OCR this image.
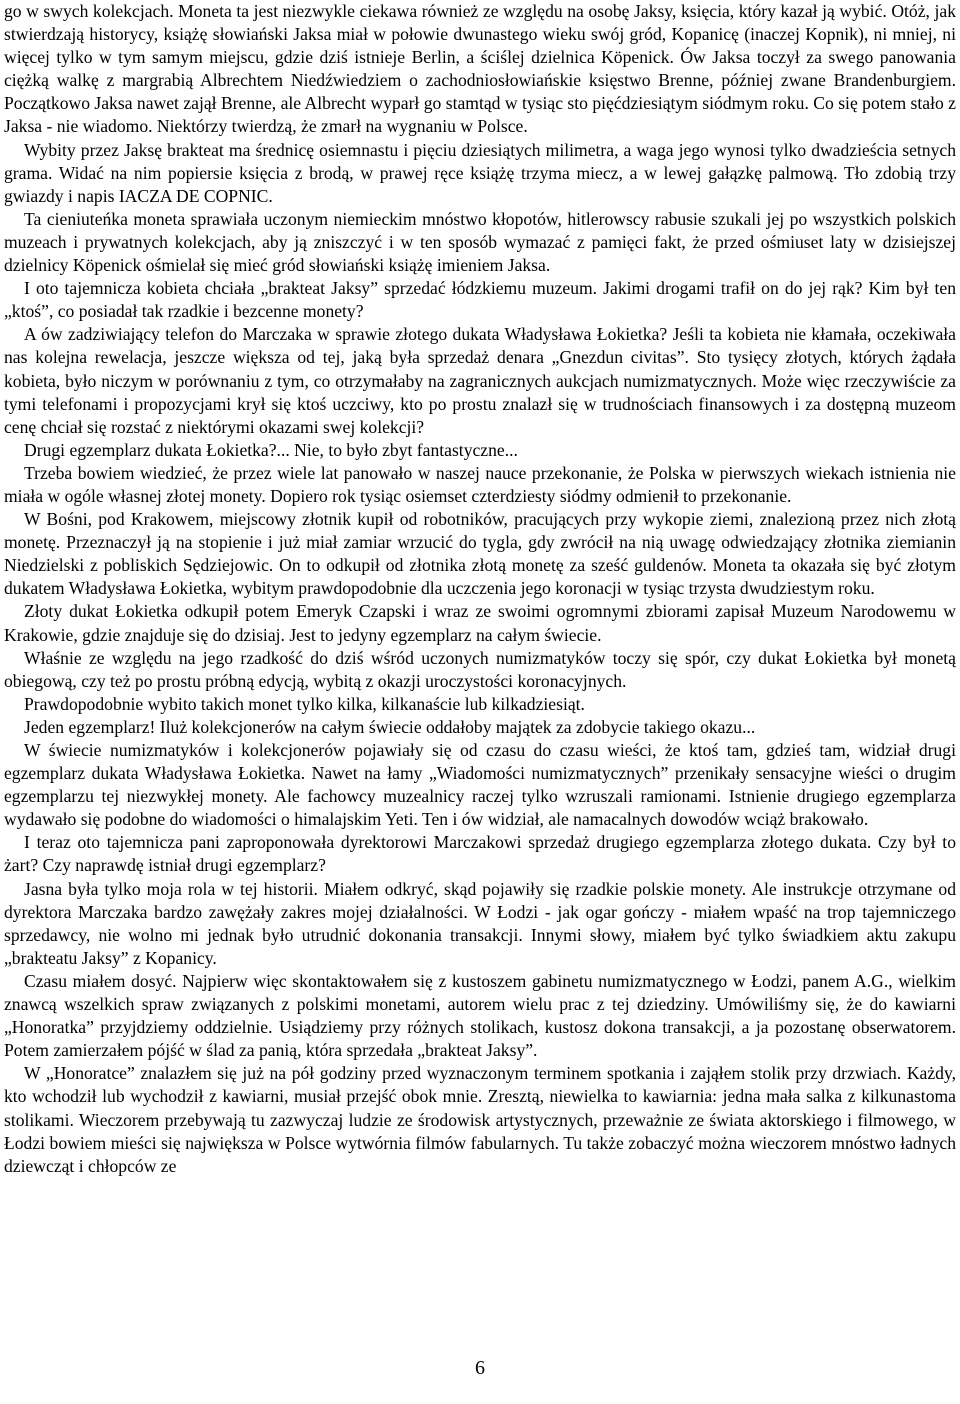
go w swych kolekcjach. Moneta ta jest niezwykle ciekawa również ze względu na osobę Jaksy, księcia, który kazał ją wybić. Otóż, jak stwierdzają historycy, książę słowiański Jaksa miał w połowie dwunastego wieku swój gród, Kopanicę (inaczej Kopnik), ni mniej, ni więcej tylko w tym samym miejscu, gdzie dziś istnieje Berlin, a ściślej dzielnica Köpenick. Ów Jaksa toczył za swego panowania ciężką walkę z margrabią Albrechtem Niedźwiedziem o zachodniosłowiańskie księstwo Brenne, później zwane Brandenburgiem. Początkowo Jaksa nawet zajął Brenne, ale Albrecht wyparł go stamtąd w tysiąc sto pięćdziesiątym siódmym roku. Co się potem stało z Jaksa - nie wiadomo. Niektórzy twierdzą, że zmarł na wygnaniu w Polsce.

Wybity przez Jaksę brakteat ma średnicę osiemnastu i pięciu dziesiątych milimetra, a waga jego wynosi tylko dwadzieścia setnych grama. Widać na nim popiersie księcia z brodą, w prawej ręce książę trzyma miecz, a w lewej gałązkę palmową. Tło zdobią trzy gwiazdy i napis IACZA DE COPNIC.

Ta cieniuteńka moneta sprawiała uczonym niemieckim mnóstwo kłopotów, hitlerowscy rabusie szukali jej po wszystkich polskich muzeach i prywatnych kolekcjach, aby ją zniszczyć i w ten sposób wymazać z pamięci fakt, że przed ośmiuset laty w dzisiejszej dzielnicy Köpenick ośmielał się mieć gród słowiański książę imieniem Jaksa.

I oto tajemnicza kobieta chciała „brakteat Jaksy” sprzedać łódzkiemu muzeum. Jakimi drogami trafił on do jej rąk? Kim był ten „ktoś”, co posiadał tak rzadkie i bezcenne monety?

A ów zadziwiający telefon do Marczaka w sprawie złotego dukata Władysława Łokietka? Jeśli ta kobieta nie kłamała, oczekiwała nas kolejna rewelacja, jeszcze większa od tej, jaką była sprzedaż denara „Gnezdun civitas”. Sto tysięcy złotych, których żądała kobieta, było niczym w porównaniu z tym, co otrzymałaby na zagranicznych aukcjach numizmatycznych. Może więc rzeczywiście za tymi telefonami i propozycjami krył się ktoś uczciwy, kto po prostu znalazł się w trudnościach finansowych i za dostępną muzeom cenę chciał się rozstać z niektórymi okazami swej kolekcji?

Drugi egzemplarz dukata Łokietka?... Nie, to było zbyt fantastyczne...

Trzeba bowiem wiedzieć, że przez wiele lat panowało w naszej nauce przekonanie, że Polska w pierwszych wiekach istnienia nie miała w ogóle własnej złotej monety. Dopiero rok tysiąc osiemset czterdziesty siódmy odmienił to przekonanie.

W Bośni, pod Krakowem, miejscowy złotnik kupił od robotników, pracujących przy wykopie ziemi, znalezioną przez nich złotą monetę. Przeznaczył ją na stopienie i już miał zamiar wrzucić do tygla, gdy zwrócił na nią uwagę odwiedzający złotnika ziemianin Niedzielski z pobliskich Sędziejowic. On to odkupił od złotnika złotą monetę za sześć guldenów. Moneta ta okazała się być złotym dukatem Władysława Łokietka, wybitym prawdopodobnie dla uczczenia jego koronacji w tysiąc trzysta dwudziestym roku.

Złoty dukat Łokietka odkupił potem Emeryk Czapski i wraz ze swoimi ogromnymi zbiorami zapisał Muzeum Narodowemu w Krakowie, gdzie znajduje się do dzisiaj. Jest to jedyny egzemplarz na całym świecie.

Właśnie ze względu na jego rzadkość do dziś wśród uczonych numizmatyków toczy się spór, czy dukat Łokietka był monetą obiegową, czy też po prostu próbną edycją, wybitą z okazji uroczystości koronacyjnych.

Prawdopodobnie wybito takich monet tylko kilka, kilkanaście lub kilkadziesiąt.

Jeden egzemplarz! Iluż kolekcjonerów na całym świecie oddałoby majątek za zdobycie takiego okazu...

W świecie numizmatyków i kolekcjonerów pojawiały się od czasu do czasu wieści, że ktoś tam, gdzieś tam, widział drugi egzemplarz dukata Władysława Łokietka. Nawet na łamy „Wiadomości numizmatycznych” przenikały sensacyjne wieści o drugim egzemplarzu tej niezwykłej monety. Ale fachowcy muzealnicy raczej tylko wzruszali ramionami. Istnienie drugiego egzemplarza wydawało się podobne do wiadomości o himalajskim Yeti. Ten i ów widział, ale namacalnych dowodów wciąż brakowało.

I teraz oto tajemnicza pani zaproponowała dyrektorowi Marczakowi sprzedaż drugiego egzemplarza złotego dukata. Czy był to żart? Czy naprawdę istniał drugi egzemplarz?

Jasna była tylko moja rola w tej historii. Miałem odkryć, skąd pojawiły się rzadkie polskie monety. Ale instrukcje otrzymane od dyrektora Marczaka bardzo zawężały zakres mojej działalności. W Łodzi - jak ogar gończy - miałem wpaść na trop tajemniczego sprzedawcy, nie wolno mi jednak było utrudnić dokonania transakcji. Innymi słowy, miałem być tylko świadkiem aktu zakupu „brakteatu Jaksy” z Kopanicy.

Czasu miałem dosyć. Najpierw więc skontaktowałem się z kustoszem gabinetu numizmatycznego w Łodzi, panem A.G., wielkim znawcą wszelkich spraw związanych z polskimi monetami, autorem wielu prac z tej dziedziny. Umówiliśmy się, że do kawiarni „Honoratka” przyjdziemy oddzielnie. Usiądziemy przy różnych stolikach, kustosz dokona transakcji, a ja pozostanę obserwatorem. Potem zamierzałem pójść w ślad za panią, która sprzedała „brakteat Jaksy”.

W „Honoratce” znalazłem się już na pół godziny przed wyznaczonym terminem spotkania i zająłem stolik przy drzwiach. Każdy, kto wchodził lub wychodził z kawiarni, musiał przejść obok mnie. Zresztą, niewielka to kawiarnia: jedna mała salka z kilkunastoma stolikami. Wieczorem przebywają tu zazwyczaj ludzie ze środowisk artystycznych, przeważnie ze świata aktorskiego i filmowego, w Łodzi bowiem mieści się największa w Polsce wytwórnia filmów fabularnych. Tu także zobaczyć można wieczorem mnóstwo ładnych dziewcząt i chłopców ze

6
